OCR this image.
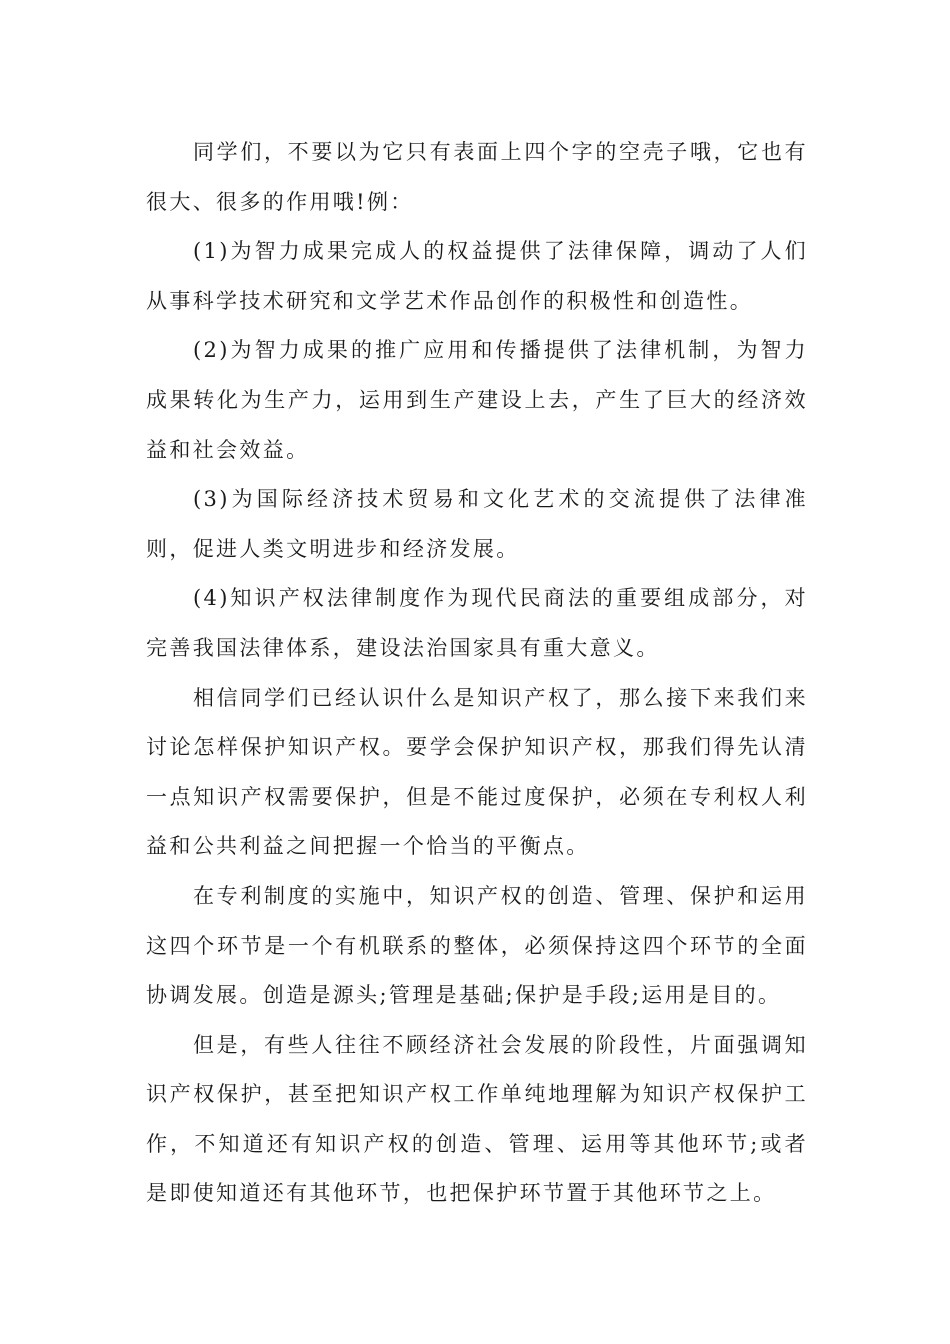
同学们，不要以为它只有表面上四个字的空壳子哦，它也有很大、很多的作用哦!例：

(1)为智力成果完成人的权益提供了法律保障，调动了人们从事科学技术研究和文学艺术作品创作的积极性和创造性。

(2)为智力成果的推广应用和传播提供了法律机制，为智力成果转化为生产力，运用到生产建设上去，产生了巨大的经济效益和社会效益。

(3)为国际经济技术贸易和文化艺术的交流提供了法律准则，促进人类文明进步和经济发展。

(4)知识产权法律制度作为现代民商法的重要组成部分，对完善我国法律体系，建设法治国家具有重大意义。

相信同学们已经认识什么是知识产权了，那么接下来我们来讨论怎样保护知识产权。要学会保护知识产权，那我们得先认清一点知识产权需要保护，但是不能过度保护，必须在专利权人利益和公共利益之间把握一个恰当的平衡点。

在专利制度的实施中，知识产权的创造、管理、保护和运用这四个环节是一个有机联系的整体，必须保持这四个环节的全面协调发展。创造是源头;管理是基础;保护是手段;运用是目的。

但是，有些人往往不顾经济社会发展的阶段性，片面强调知识产权保护，甚至把知识产权工作单纯地理解为知识产权保护工作，不知道还有知识产权的创造、管理、运用等其他环节;或者是即使知道还有其他环节，也把保护环节置于其他环节之上。
